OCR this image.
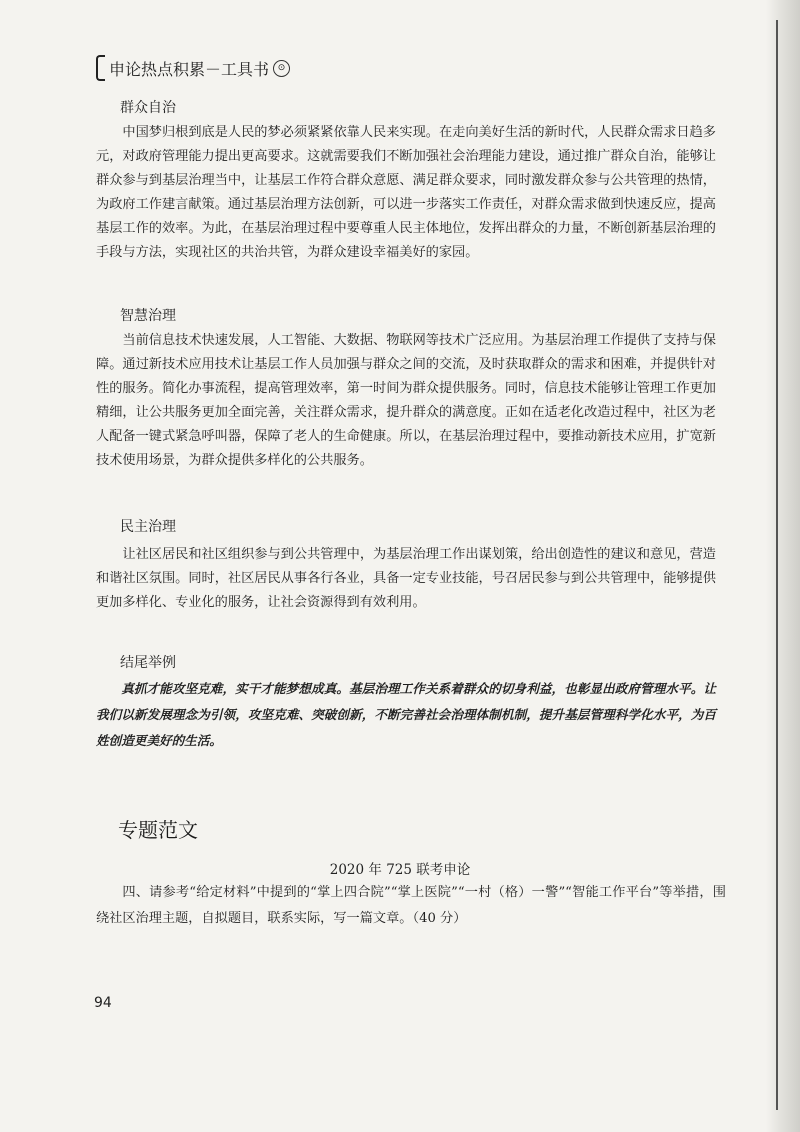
申论热点积累－工具书 ⊙
群众自治

中国梦归根到底是人民的梦必须紧紧依靠人民来实现。在走向美好生活的新时代，人民群众需求日趋多元，对政府管理能力提出更高要求。这就需要我们不断加强社会治理能力建设，通过推广群众自治，能够让群众参与到基层治理当中，让基层工作符合群众意愿、满足群众要求，同时激发群众参与公共管理的热情，为政府工作建言献策。通过基层治理方法创新，可以进一步落实工作责任，对群众需求做到快速反应，提高基层工作的效率。为此，在基层治理过程中要尊重人民主体地位，发挥出群众的力量，不断创新基层治理的手段与方法，实现社区的共治共管，为群众建设幸福美好的家园。

智慧治理

当前信息技术快速发展，人工智能、大数据、物联网等技术广泛应用。为基层治理工作提供了支持与保障。通过新技术应用技术让基层工作人员加强与群众之间的交流，及时获取群众的需求和困难，并提供针对性的服务。简化办事流程，提高管理效率，第一时间为群众提供服务。同时，信息技术能够让管理工作更加精细，让公共服务更加全面完善，关注群众需求，提升群众的满意度。正如在适老化改造过程中，社区为老人配备一键式紧急呼叫器，保障了老人的生命健康。所以，在基层治理过程中，要推动新技术应用，扩宽新技术使用场景，为群众提供多样化的公共服务。

民主治理

让社区居民和社区组织参与到公共管理中，为基层治理工作出谋划策，给出创造性的建议和意见，营造和谐社区氛围。同时，社区居民从事各行各业，具备一定专业技能，号召居民参与到公共管理中，能够提供更加多样化、专业化的服务，让社会资源得到有效利用。

结尾举例

真抓才能攻坚克难，实干才能梦想成真。基层治理工作关系着群众的切身利益，也彰显出政府管理水平。让我们以新发展理念为引领，攻坚克难、突破创新，不断完善社会治理体制机制，提升基层管理科学化水平，为百姓创造更美好的生活。

专题范文
2020 年 725 联考申论

四、请参考“给定材料”中提到的“掌上四合院”“掌上医院”“一村（格）一警”“智能工作平台”等举措，围绕社区治理主题，自拟题目，联系实际，写一篇文章。（40 分）

94
